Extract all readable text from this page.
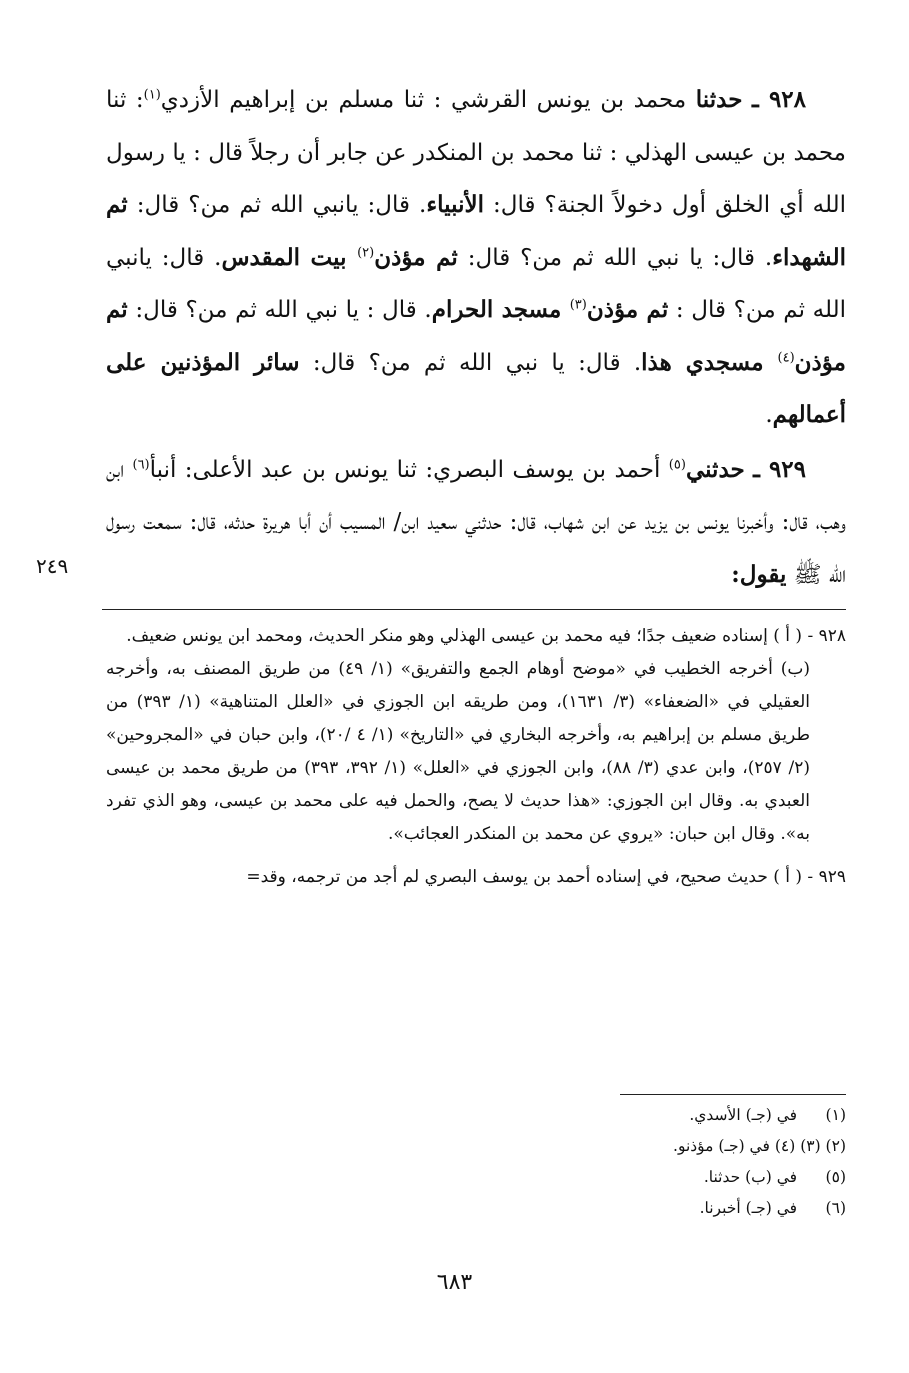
٩٢٨ ـ حدثنا محمد بن يونس القرشي : ثنا مسلم بن إبراهيم الأزدي$^{(١)}$: ثنا محمد بن عيسى الهذلي : ثنا محمد بن المنكدر عن جابر أن رجلاً قال : يا رسول الله أي الخلق أول دخولاً الجنة؟ قال: الأنبياء. قال: يانبي الله ثم من؟ قال: ثم الشهداء. قال: يا نبي الله ثم من؟ قال: ثم مؤذن$^{(٢)}$ بيت المقدس. قال: يانبي الله ثم من؟ قال : ثم مؤذن$^{(٣)}$ مسجد الحرام. قال : يا نبي الله ثم من؟ قال: ثم مؤذن$^{(٤)}$ مسجدي هذا. قال: يا نبي الله ثم من؟ قال: سائر المؤذنين على أعمالهم.

٩٢٩ ـ حدثني$^{(٥)}$ أحمد بن يوسف البصري: ثنا يونس بن عبد الأعلى: أنبأ$^{(٦)}$ ابن وهب، قال: وأخبرنا يونس بن يزيد عن ابن شهاب، قال: حدثني سعيد ابن/ المسيب أن أبا هريرة حدثه، قال: سمعت رسول الله ﷺ يقول:

٢٤٩

٩٢٨ - ( أ ) إسناده ضعيف جدًا؛ فيه محمد بن عيسى الهذلي وهو منكر الحديث، ومحمد ابن يونس ضعيف.

(ب) أخرجه الخطيب في «موضح أوهام الجمع والتفريق» (١/ ٤٩) من طريق المصنف به، وأخرجه العقيلي في «الضعفاء» (٣/ ١٦٣١)، ومن طريقه ابن الجوزي في «العلل المتناهية» (١/ ٣٩٣) من طريق مسلم بن إبراهيم به، وأخرجه البخاري في «التاريخ» (١/ ٤ /٢٠)، وابن حبان في «المجروحين» (٢/ ٢٥٧)، وابن عدي (٣/ ٨٨)، وابن الجوزي في «العلل» (١/ ٣٩٢، ٣٩٣) من طريق محمد بن عيسى العبدي به. وقال ابن الجوزي: «هذا حديث لا يصح، والحمل فيه على محمد بن عيسى، وهو الذي تفرد به». وقال ابن حبان: «يروي عن محمد بن المنكدر العجائب».

٩٢٩ - ( أ ) حديث صحيح، في إسناده أحمد بن يوسف البصري لم أجد من ترجمه، وقد=

(١) في (جـ) الأسدي.
(٢) (٣) (٤) في (جـ) مؤذنو.
(٥) في (ب) حدثنا.
(٦) في (جـ) أخبرنا.
٦٨٣
